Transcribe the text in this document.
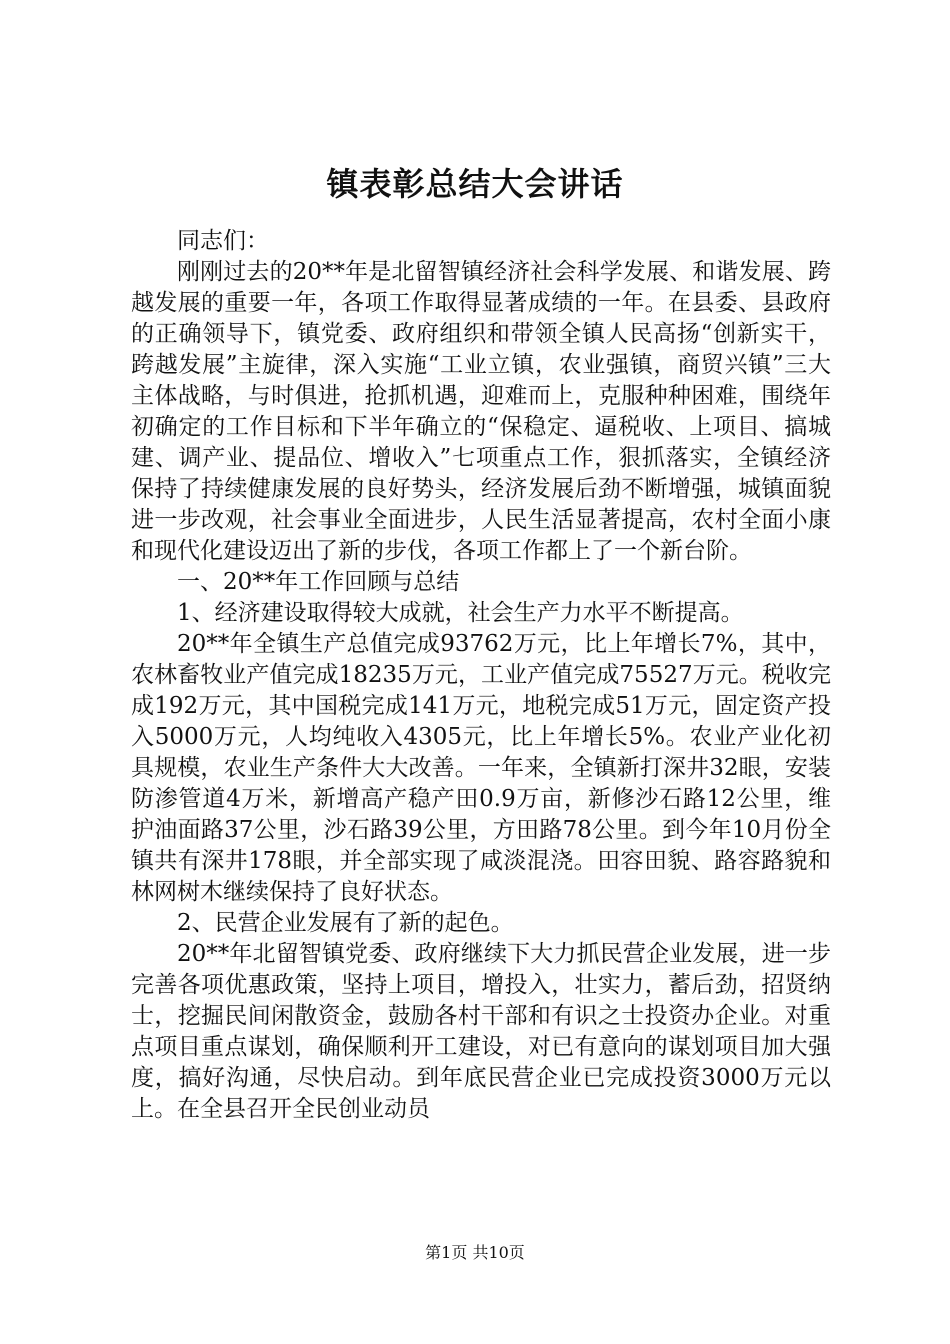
镇表彰总结大会讲话

同志们：

刚刚过去的20**年是北留智镇经济社会科学发展、和谐发展、跨越发展的重要一年，各项工作取得显著成绩的一年。在县委、县政府的正确领导下，镇党委、政府组织和带领全镇人民高扬“创新实干，跨越发展”主旋律，深入实施“工业立镇，农业强镇，商贸兴镇”三大主体战略，与时俱进，抢抓机遇，迎难而上，克服种种困难，围绕年初确定的工作目标和下半年确立的“保稳定、逼税收、上项目、搞城建、调产业、提品位、增收入”七项重点工作，狠抓落实，全镇经济保持了持续健康发展的良好势头，经济发展后劲不断增强，城镇面貌进一步改观，社会事业全面进步，人民生活显著提高，农村全面小康和现代化建设迈出了新的步伐，各项工作都上了一个新台阶。

一、20**年工作回顾与总结

1、经济建设取得较大成就，社会生产力水平不断提高。

20**年全镇生产总值完成93762万元，比上年增长7%，其中，农林畜牧业产值完成18235万元，工业产值完成75527万元。税收完成192万元，其中国税完成141万元，地税完成51万元，固定资产投入5000万元，人均纯收入4305元，比上年增长5%。农业产业化初具规模，农业生产条件大大改善。一年来，全镇新打深井32眼，安装防渗管道4万米，新增高产稳产田0.9万亩，新修沙石路12公里，维护油面路37公里，沙石路39公里，方田路78公里。到今年10月份全镇共有深井178眼，并全部实现了咸淡混浇。田容田貌、路容路貌和林网树木继续保持了良好状态。

2、民营企业发展有了新的起色。

20**年北留智镇党委、政府继续下大力抓民营企业发展，进一步完善各项优惠政策，坚持上项目，增投入，壮实力，蓄后劲，招贤纳士，挖掘民间闲散资金，鼓励各村干部和有识之士投资办企业。对重点项目重点谋划，确保顺利开工建设，对已有意向的谋划项目加大强度，搞好沟通，尽快启动。到年底民营企业已完成投资3000万元以上。在全县召开全民创业动员

第1页 共10页
